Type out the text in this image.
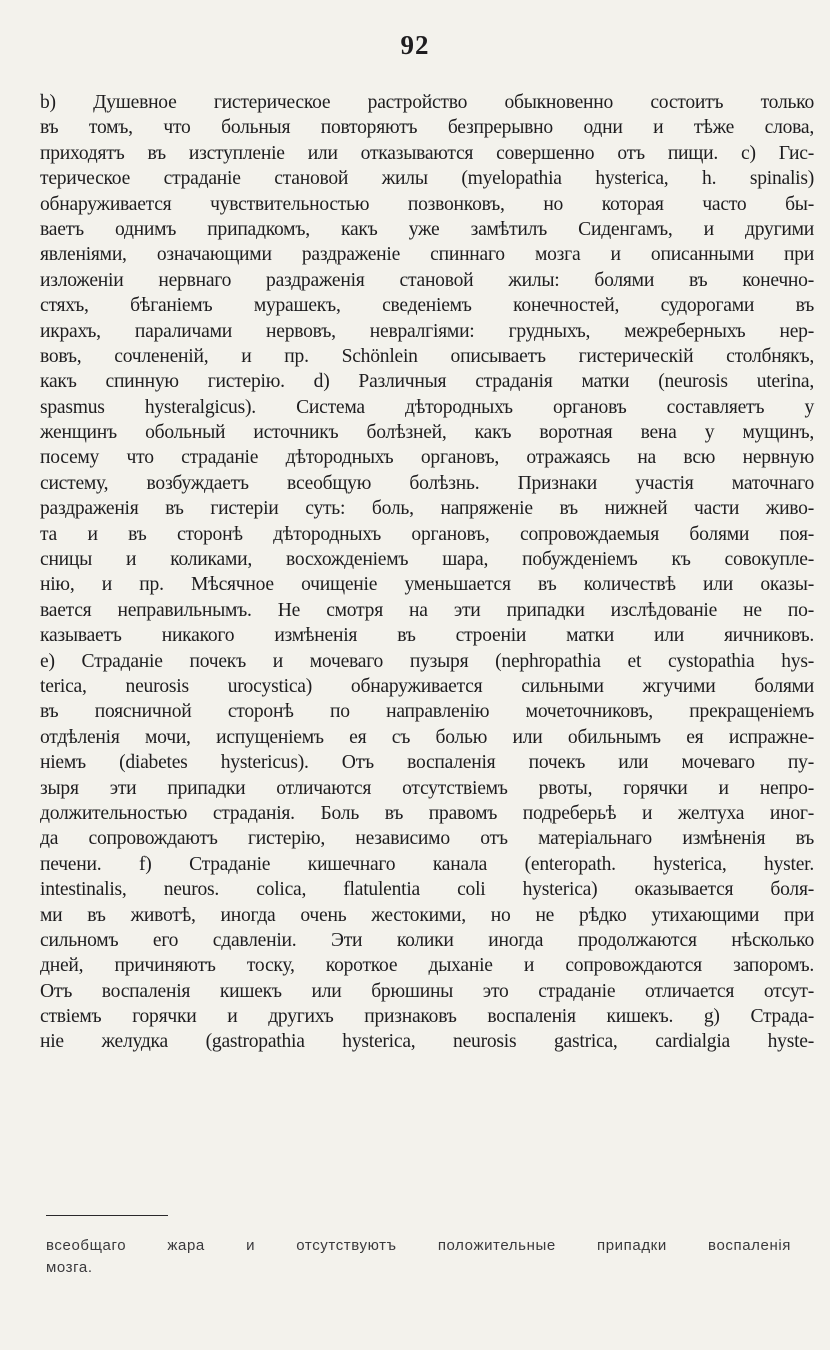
92
b) Душевное гистерическое растройство обыкновенно состоитъ только
въ томъ, что больныя повторяютъ безпрерывно одни и тѣже слова,
приходятъ въ изступленіе или отказываются совершенно отъ пищи. c) Гис-
терическое страданіе становой жилы (myelopathia hysterica, h. spinalis)
обнаруживается чувствительностью позвонковъ, но которая часто бы-
ваетъ однимъ припадкомъ, какъ уже замѣтилъ Сиденгамъ, и другими
явленіями, означающими раздраженіе спиннаго мозга и описанными при
изложеніи нервнаго раздраженія становой жилы: болями въ конечно-
стяхъ, бѣганіемъ мурашекъ, сведеніемъ конечностей, судорогами въ
икрахъ, параличами нервовъ, невралгіями: грудныхъ, межреберныхъ нер-
вовъ, сочлененій, и пр. Schönlein описываетъ гистерическій столбнякъ,
какъ спинную гистерію. d) Различныя страданія матки (neurosis uterina,
spasmus hysteralgicus). Система дѣтородныхъ органовъ составляетъ у
женщинъ обольный источникъ болѣзней, какъ воротная вена у мущинъ,
посему что страданіе дѣтородныхъ органовъ, отражаясь на всю нервную
систему, возбуждаетъ всеобщую болѣзнь. Признаки участія маточнаго
раздраженія въ гистеріи суть: боль, напряженіе въ нижней части живо-
та и въ сторонѣ дѣтородныхъ органовъ, сопровождаемыя болями поя-
сницы и коликами, восхожденіемъ шара, побужденіемъ къ совокупле-
нію, и пр. Мѣсячное очищеніе уменьшается въ количествѣ или оказы-
вается неправильнымъ. Не смотря на эти припадки изслѣдованіе не по-
казываетъ никакого измѣненія въ строеніи матки или яичниковъ.
e) Страданіе почекъ и мочеваго пузыря (nephropathia et cystopathia hys-
terica, neurosis urocystica) обнаруживается сильными жгучими болями
въ поясничной сторонѣ по направленію мочеточниковъ, прекращеніемъ
отдѣленія мочи, испущеніемъ ея съ болью или обильнымъ ея испражне-
ніемъ (diabetes hystericus). Отъ воспаленія почекъ или мочеваго пу-
зыря эти припадки отличаются отсутствіемъ рвоты, горячки и непро-
должительностью страданія. Боль въ правомъ подреберьѣ и желтуха иног-
да сопровождаютъ гистерію, независимо отъ матеріальнаго измѣненія въ
печени. f) Страданіе кишечнаго канала (enteropath. hysterica, hyster.
intestinalis, neuros. colica, flatulentia coli hysterica) оказывается боля-
ми въ животѣ, иногда очень жестокими, но не рѣдко утихающими при
сильномъ его сдавленіи. Эти колики иногда продолжаются нѣсколько
дней, причиняютъ тоску, короткое дыханіе и сопровождаются запоромъ.
Отъ воспаленія кишекъ или брюшины это страданіе отличается отсут-
ствіемъ горячки и другихъ признаковъ воспаленія кишекъ. g) Страда-
ніе желудка (gastropathia hysterica, neurosis gastrica, cardialgia hyste-
всеобщаго жара и отсутствуютъ положительные припадки воспаленія
мозга.
